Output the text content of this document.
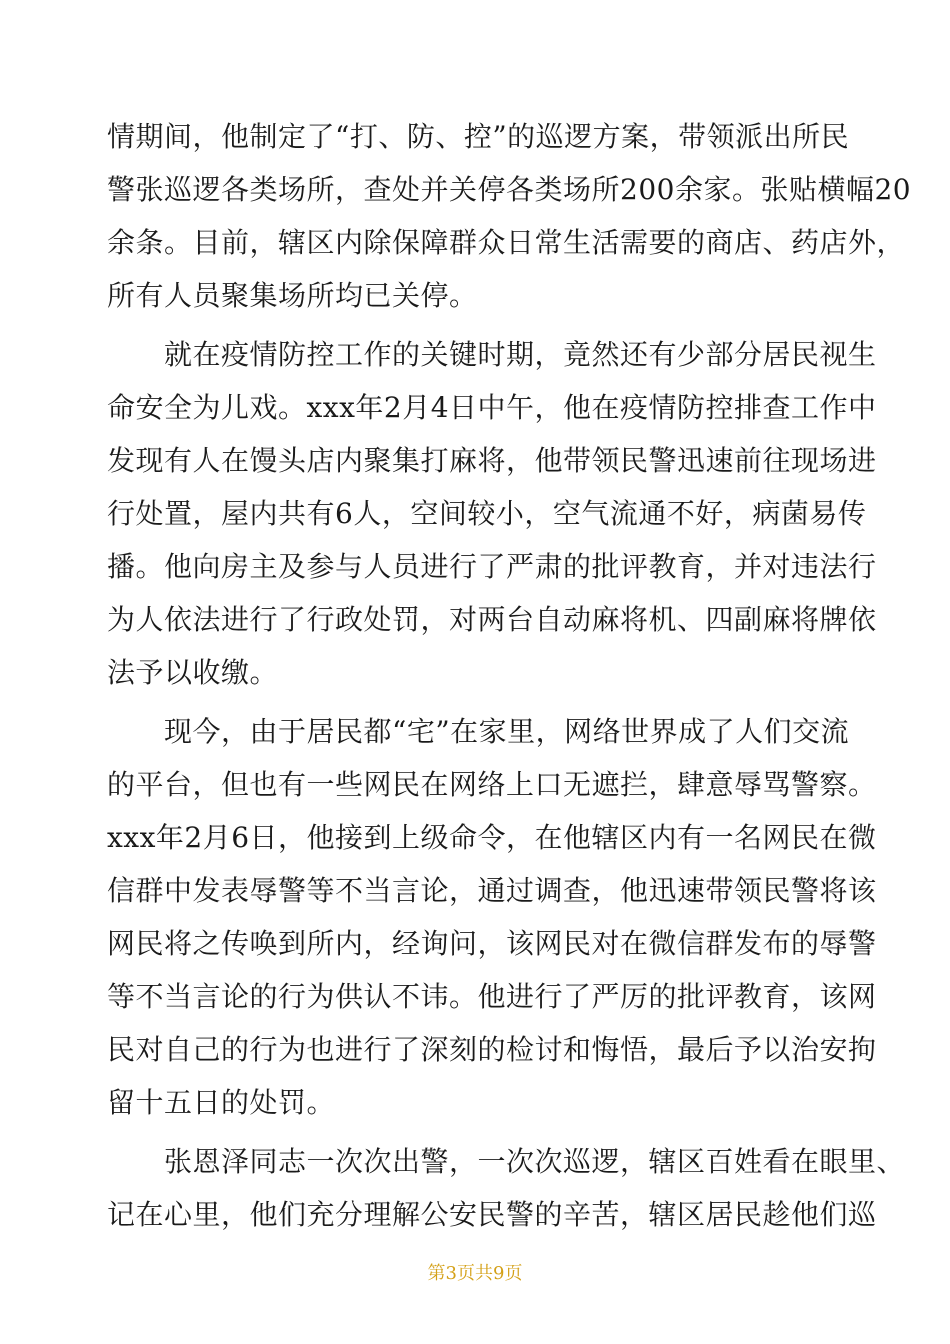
情期间，他制定了“打、防、控”的巡逻方案，带领派出所民
警张巡逻各类场所，查处并关停各类场所200余家。张贴横幅20
余条。目前，辖区内除保障群众日常生活需要的商店、药店外，
所有人员聚集场所均已关停。
　　就在疫情防控工作的关键时期，竟然还有少部分居民视生
命安全为儿戏。xxx年2月4日中午，他在疫情防控排查工作中
发现有人在馒头店内聚集打麻将，他带领民警迅速前往现场进
行处置，屋内共有6人，空间较小，空气流通不好，病菌易传
播。他向房主及参与人员进行了严肃的批评教育，并对违法行
为人依法进行了行政处罚，对两台自动麻将机、四副麻将牌依
法予以收缴。
　　现今，由于居民都“宅”在家里，网络世界成了人们交流
的平台，但也有一些网民在网络上口无遮拦，肆意辱骂警察。
xxx年2月6日，他接到上级命令，在他辖区内有一名网民在微
信群中发表辱警等不当言论，通过调查，他迅速带领民警将该
网民将之传唤到所内，经询问，该网民对在微信群发布的辱警
等不当言论的行为供认不讳。他进行了严厉的批评教育，该网
民对自己的行为也进行了深刻的检讨和悔悟，最后予以治安拘
留十五日的处罚。
　　张恩泽同志一次次出警，一次次巡逻，辖区百姓看在眼里、
记在心里，他们充分理解公安民警的辛苦，辖区居民趁他们巡
第3页共9页
